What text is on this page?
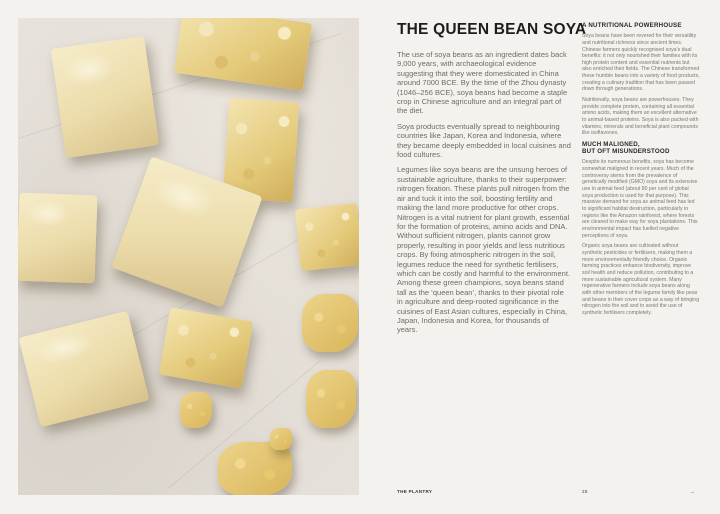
THE QUEEN BEAN SOYA

The use of soya beans as an ingredient dates back 9,000 years, with archaeological evidence suggesting that they were domesticated in China around 7000 BCE. By the time of the Zhou dynasty (1046–256 BCE), soya beans had become a staple crop in Chinese agriculture and an integral part of the diet.

Soya products eventually spread to neighbouring countries like Japan, Korea and Indonesia, where they became deeply embedded in local cuisines and food cultures.

Legumes like soya beans are the unsung heroes of sustainable agriculture, thanks to their superpower: nitrogen fixation. These plants pull nitrogen from the air and tuck it into the soil, boosting fertility and making the land more productive for other crops. Nitrogen is a vital nutrient for plant growth, essential for the formation of proteins, amino acids and DNA. Without sufficient nitrogen, plants cannot grow properly, resulting in poor yields and less nutritious crops. By fixing atmospheric nitrogen in the soil, legumes reduce the need for synthetic fertilisers, which can be costly and harmful to the environment. Among these green champions, soya beans stand tall as the ‘queen bean’, thanks to their pivotal role in agriculture and deep-rooted significance in the cuisines of East Asian cultures, especially in China, Japan, Indonesia and Korea, for thousands of years.

A NUTRITIONAL POWERHOUSE

Soya beans have been revered for their versatility and nutritional richness since ancient times. Chinese farmers quickly recognised soya’s dual benefits: it not only nourished their families with its high protein content and essential nutrients but also enriched their fields. The Chinese transformed these humble beans into a variety of food products, creating a culinary tradition that has been passed down through generations.

Nutritionally, soya beans are powerhouses. They provide complete protein, containing all essential amino acids, making them an excellent alternative to animal-based proteins. Soya is also packed with vitamins, minerals and beneficial plant compounds like isoflavones.

MUCH MALIGNED,
BUT OFT MISUNDERSTOOD

Despite its numerous benefits, soya has become somewhat maligned in recent years. Much of the controversy stems from the prevalence of genetically modified (GMO) soya and its extensive use in animal feed (about 80 per cent of global soya production is used for that purpose). This massive demand for soya as animal feed has led to significant habitat destruction, particularly in regions like the Amazon rainforest, where forests are cleared to make way for soya plantations. This environmental impact has fuelled negative perceptions of soya.

Organic soya beans are cultivated without synthetic pesticides or fertilisers, making them a more environmentally friendly choice. Organic farming practices enhance biodiversity, improve soil health and reduce pollution, contributing to a more sustainable agricultural system. Many regenerative farmers include soya beans along with other members of the legume family like peas and beans in their cover crops as a way of bringing nitrogen into the soil and to avoid the use of synthetic fertilisers completely.

THE PLANTRY	25	→
